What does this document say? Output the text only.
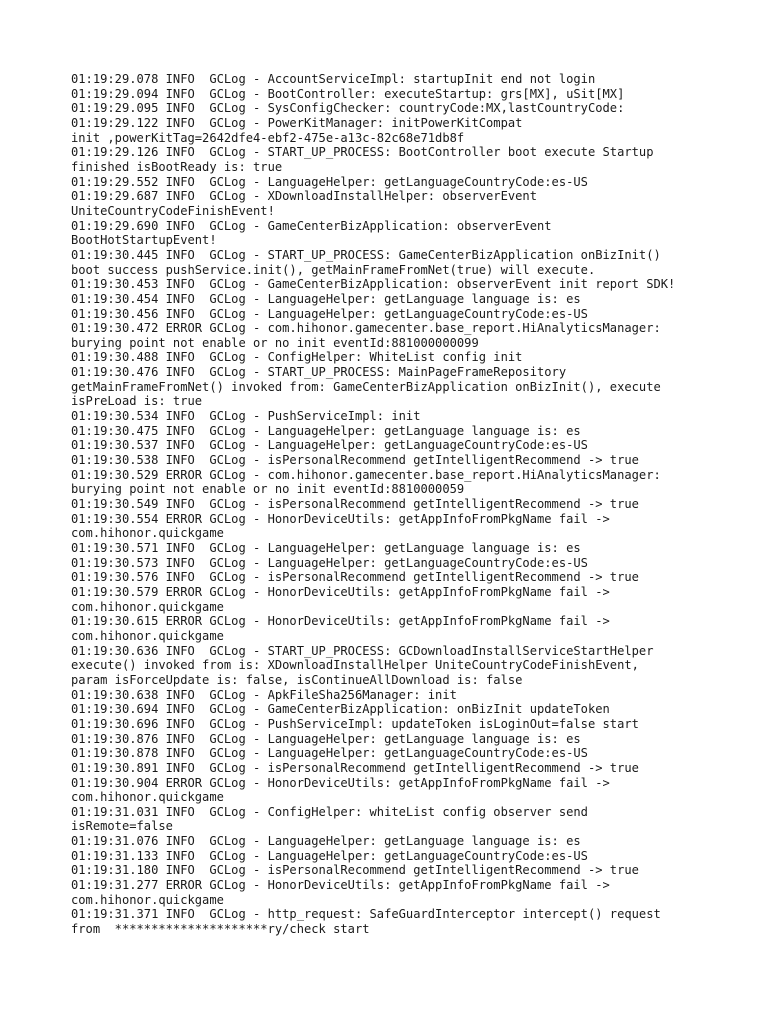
01:19:29.078 INFO  GCLog - AccountServiceImpl: startupInit end not login
01:19:29.094 INFO  GCLog - BootController: executeStartup: grs[MX], uSit[MX]
01:19:29.095 INFO  GCLog - SysConfigChecker: countryCode:MX,lastCountryCode:
01:19:29.122 INFO  GCLog - PowerKitManager: initPowerKitCompat
init ,powerKitTag=2642dfe4-ebf2-475e-a13c-82c68e71db8f
01:19:29.126 INFO  GCLog - START_UP_PROCESS: BootController boot execute Startup
finished isBootReady is: true
01:19:29.552 INFO  GCLog - LanguageHelper: getLanguageCountryCode:es-US
01:19:29.687 INFO  GCLog - XDownloadInstallHelper: observerEvent
UniteCountryCodeFinishEvent!
01:19:29.690 INFO  GCLog - GameCenterBizApplication: observerEvent
BootHotStartupEvent!
01:19:30.445 INFO  GCLog - START_UP_PROCESS: GameCenterBizApplication onBizInit()
boot success pushService.init(), getMainFrameFromNet(true) will execute.
01:19:30.453 INFO  GCLog - GameCenterBizApplication: observerEvent init report SDK!
01:19:30.454 INFO  GCLog - LanguageHelper: getLanguage language is: es
01:19:30.456 INFO  GCLog - LanguageHelper: getLanguageCountryCode:es-US
01:19:30.472 ERROR GCLog - com.hihonor.gamecenter.base_report.HiAnalyticsManager:
burying point not enable or no init eventId:881000000099
01:19:30.488 INFO  GCLog - ConfigHelper: WhiteList config init
01:19:30.476 INFO  GCLog - START_UP_PROCESS: MainPageFrameRepository
getMainFrameFromNet() invoked from: GameCenterBizApplication onBizInit(), execute
isPreLoad is: true
01:19:30.534 INFO  GCLog - PushServiceImpl: init
01:19:30.475 INFO  GCLog - LanguageHelper: getLanguage language is: es
01:19:30.537 INFO  GCLog - LanguageHelper: getLanguageCountryCode:es-US
01:19:30.538 INFO  GCLog - isPersonalRecommend getIntelligentRecommend -> true
01:19:30.529 ERROR GCLog - com.hihonor.gamecenter.base_report.HiAnalyticsManager:
burying point not enable or no init eventId:8810000059
01:19:30.549 INFO  GCLog - isPersonalRecommend getIntelligentRecommend -> true
01:19:30.554 ERROR GCLog - HonorDeviceUtils: getAppInfoFromPkgName fail ->
com.hihonor.quickgame
01:19:30.571 INFO  GCLog - LanguageHelper: getLanguage language is: es
01:19:30.573 INFO  GCLog - LanguageHelper: getLanguageCountryCode:es-US
01:19:30.576 INFO  GCLog - isPersonalRecommend getIntelligentRecommend -> true
01:19:30.579 ERROR GCLog - HonorDeviceUtils: getAppInfoFromPkgName fail ->
com.hihonor.quickgame
01:19:30.615 ERROR GCLog - HonorDeviceUtils: getAppInfoFromPkgName fail ->
com.hihonor.quickgame
01:19:30.636 INFO  GCLog - START_UP_PROCESS: GCDownloadInstallServiceStartHelper
execute() invoked from is: XDownloadInstallHelper UniteCountryCodeFinishEvent,
param isForceUpdate is: false, isContinueAllDownload is: false
01:19:30.638 INFO  GCLog - ApkFileSha256Manager: init
01:19:30.694 INFO  GCLog - GameCenterBizApplication: onBizInit updateToken
01:19:30.696 INFO  GCLog - PushServiceImpl: updateToken isLoginOut=false start
01:19:30.876 INFO  GCLog - LanguageHelper: getLanguage language is: es
01:19:30.878 INFO  GCLog - LanguageHelper: getLanguageCountryCode:es-US
01:19:30.891 INFO  GCLog - isPersonalRecommend getIntelligentRecommend -> true
01:19:30.904 ERROR GCLog - HonorDeviceUtils: getAppInfoFromPkgName fail ->
com.hihonor.quickgame
01:19:31.031 INFO  GCLog - ConfigHelper: whiteList config observer send
isRemote=false
01:19:31.076 INFO  GCLog - LanguageHelper: getLanguage language is: es
01:19:31.133 INFO  GCLog - LanguageHelper: getLanguageCountryCode:es-US
01:19:31.180 INFO  GCLog - isPersonalRecommend getIntelligentRecommend -> true
01:19:31.277 ERROR GCLog - HonorDeviceUtils: getAppInfoFromPkgName fail ->
com.hihonor.quickgame
01:19:31.371 INFO  GCLog - http_request: SafeGuardInterceptor intercept() request
from  *********************ry/check start
